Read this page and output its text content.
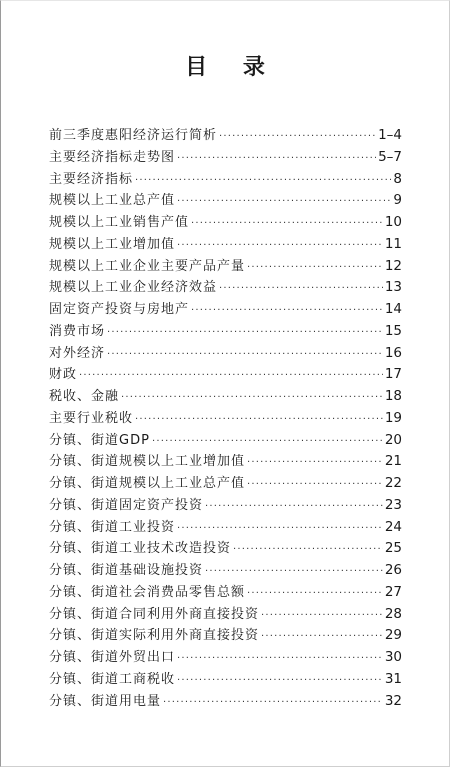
目 录
前三季度惠阳经济运行简析 ·····	1–4
主要经济指标走势图 ·····	5–7
主要经济指标 ·····	8
规模以上工业总产值 ·····	9
规模以上工业销售产值 ·····	10
规模以上工业增加值 ·····	11
规模以上工业企业主要产品产量 ·····	12
规模以上工业企业经济效益 ·····	13
固定资产投资与房地产 ·····	14
消费市场 ·····	15
对外经济 ·····	16
财政 ·····	17
税收、金融 ·····	18
主要行业税收 ·····	19
分镇、街道GDP ·····	20
分镇、街道规模以上工业增加值 ·····	21
分镇、街道规模以上工业总产值 ·····	22
分镇、街道固定资产投资 ·····	23
分镇、街道工业投资 ·····	24
分镇、街道工业技术改造投资 ·····	25
分镇、街道基础设施投资 ·····	26
分镇、街道社会消费品零售总额 ·····	27
分镇、街道合同利用外商直接投资 ·····	28
分镇、街道实际利用外商直接投资 ·····	29
分镇、街道外贸出口 ·····	30
分镇、街道工商税收 ·····	31
分镇、街道用电量 ·····	32
